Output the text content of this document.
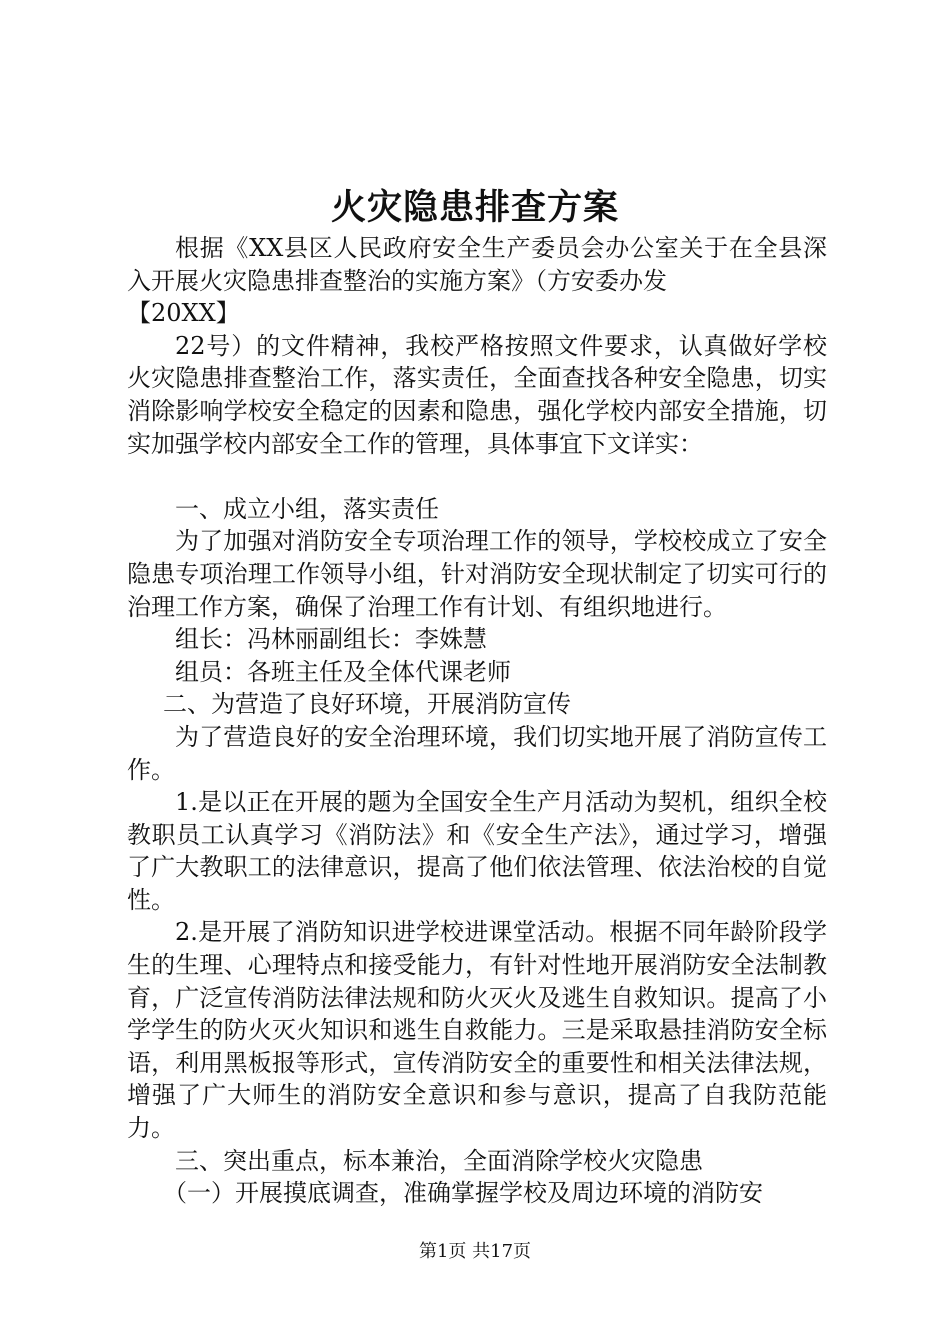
火灾隐患排查方案

根据《XX县区人民政府安全生产委员会办公室关于在全县深入开展火灾隐患排查整治的实施方案》（方安委办发

【20XX】

22号）的文件精神，我校严格按照文件要求，认真做好学校火灾隐患排查整治工作，落实责任，全面查找各种安全隐患，切实消除影响学校安全稳定的因素和隐患，强化学校内部安全措施，切实加强学校内部安全工作的管理，具体事宜下文详实：

一、成立小组，落实责任

为了加强对消防安全专项治理工作的领导，学校校成立了安全隐患专项治理工作领导小组，针对消防安全现状制定了切实可行的治理工作方案，确保了治理工作有计划、有组织地进行。

组长：冯林丽副组长：李姝慧

组员：各班主任及全体代课老师

二、为营造了良好环境，开展消防宣传

为了营造良好的安全治理环境，我们切实地开展了消防宣传工作。

1.是以正在开展的题为全国安全生产月活动为契机，组织全校教职员工认真学习《消防法》和《安全生产法》，通过学习，增强了广大教职工的法律意识，提高了他们依法管理、依法治校的自觉性。

2.是开展了消防知识进学校进课堂活动。根据不同年龄阶段学生的生理、心理特点和接受能力，有针对性地开展消防安全法制教育，广泛宣传消防法律法规和防火灭火及逃生自救知识。提高了小学学生的防火灭火知识和逃生自救能力。三是采取悬挂消防安全标语，利用黑板报等形式，宣传消防安全的重要性和相关法律法规，增强了广大师生的消防安全意识和参与意识，提高了自我防范能力。

三、突出重点，标本兼治，全面消除学校火灾隐患

（一）开展摸底调查，准确掌握学校及周边环境的消防安

第1页 共17页
